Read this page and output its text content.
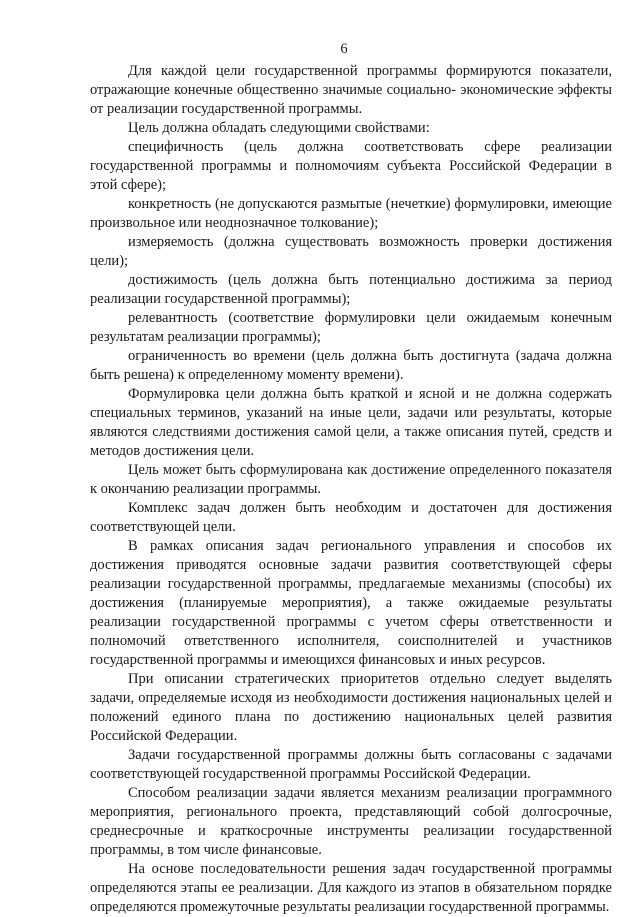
6

Для каждой цели государственной программы формируются показатели, отражающие конечные общественно значимые социально- экономические эффекты от реализации государственной программы.

Цель должна обладать следующими свойствами:

специфичность (цель должна соответствовать сфере реализации государственной программы и полномочиям субъекта Российской Федерации в этой сфере);

конкретность (не допускаются размытые (нечеткие) формулировки, имеющие произвольное или неоднозначное толкование);

измеряемость (должна существовать возможность проверки достижения цели);

достижимость (цель должна быть потенциально достижима за период реализации государственной программы);

релевантность (соответствие формулировки цели ожидаемым конечным результатам реализации программы);

ограниченность во времени (цель должна быть достигнута (задача должна быть решена) к определенному моменту времени).

Формулировка цели должна быть краткой и ясной и не должна содержать специальных терминов, указаний на иные цели, задачи или результаты, которые являются следствиями достижения самой цели, а также описания путей, средств и методов достижения цели.

Цель может быть сформулирована как достижение определенного показателя к окончанию реализации программы.

Комплекс задач должен быть необходим и достаточен для достижения соответствующей цели.

В рамках описания задач регионального управления и способов их достижения приводятся основные задачи развития соответствующей сферы реализации государственной программы, предлагаемые механизмы (способы) их достижения (планируемые мероприятия), а также ожидаемые результаты реализации государственной программы с учетом сферы ответственности и полномочий ответственного исполнителя, соисполнителей и участников государственной программы и имеющихся финансовых и иных ресурсов.

При описании стратегических приоритетов отдельно следует выделять задачи, определяемые исходя из необходимости достижения национальных целей и положений единого плана по достижению национальных целей развития Российской Федерации.

Задачи государственной программы должны быть согласованы с задачами соответствующей государственной программы Российской Федерации.

Способом реализации задачи является механизм реализации программного мероприятия, регионального проекта, представляющий собой долгосрочные, среднесрочные и краткосрочные инструменты реализации государственной программы, в том числе финансовые.

На основе последовательности решения задач государственной программы определяются этапы ее реализации. Для каждого из этапов в обязательном порядке определяются промежуточные результаты реализации государственной программы.
